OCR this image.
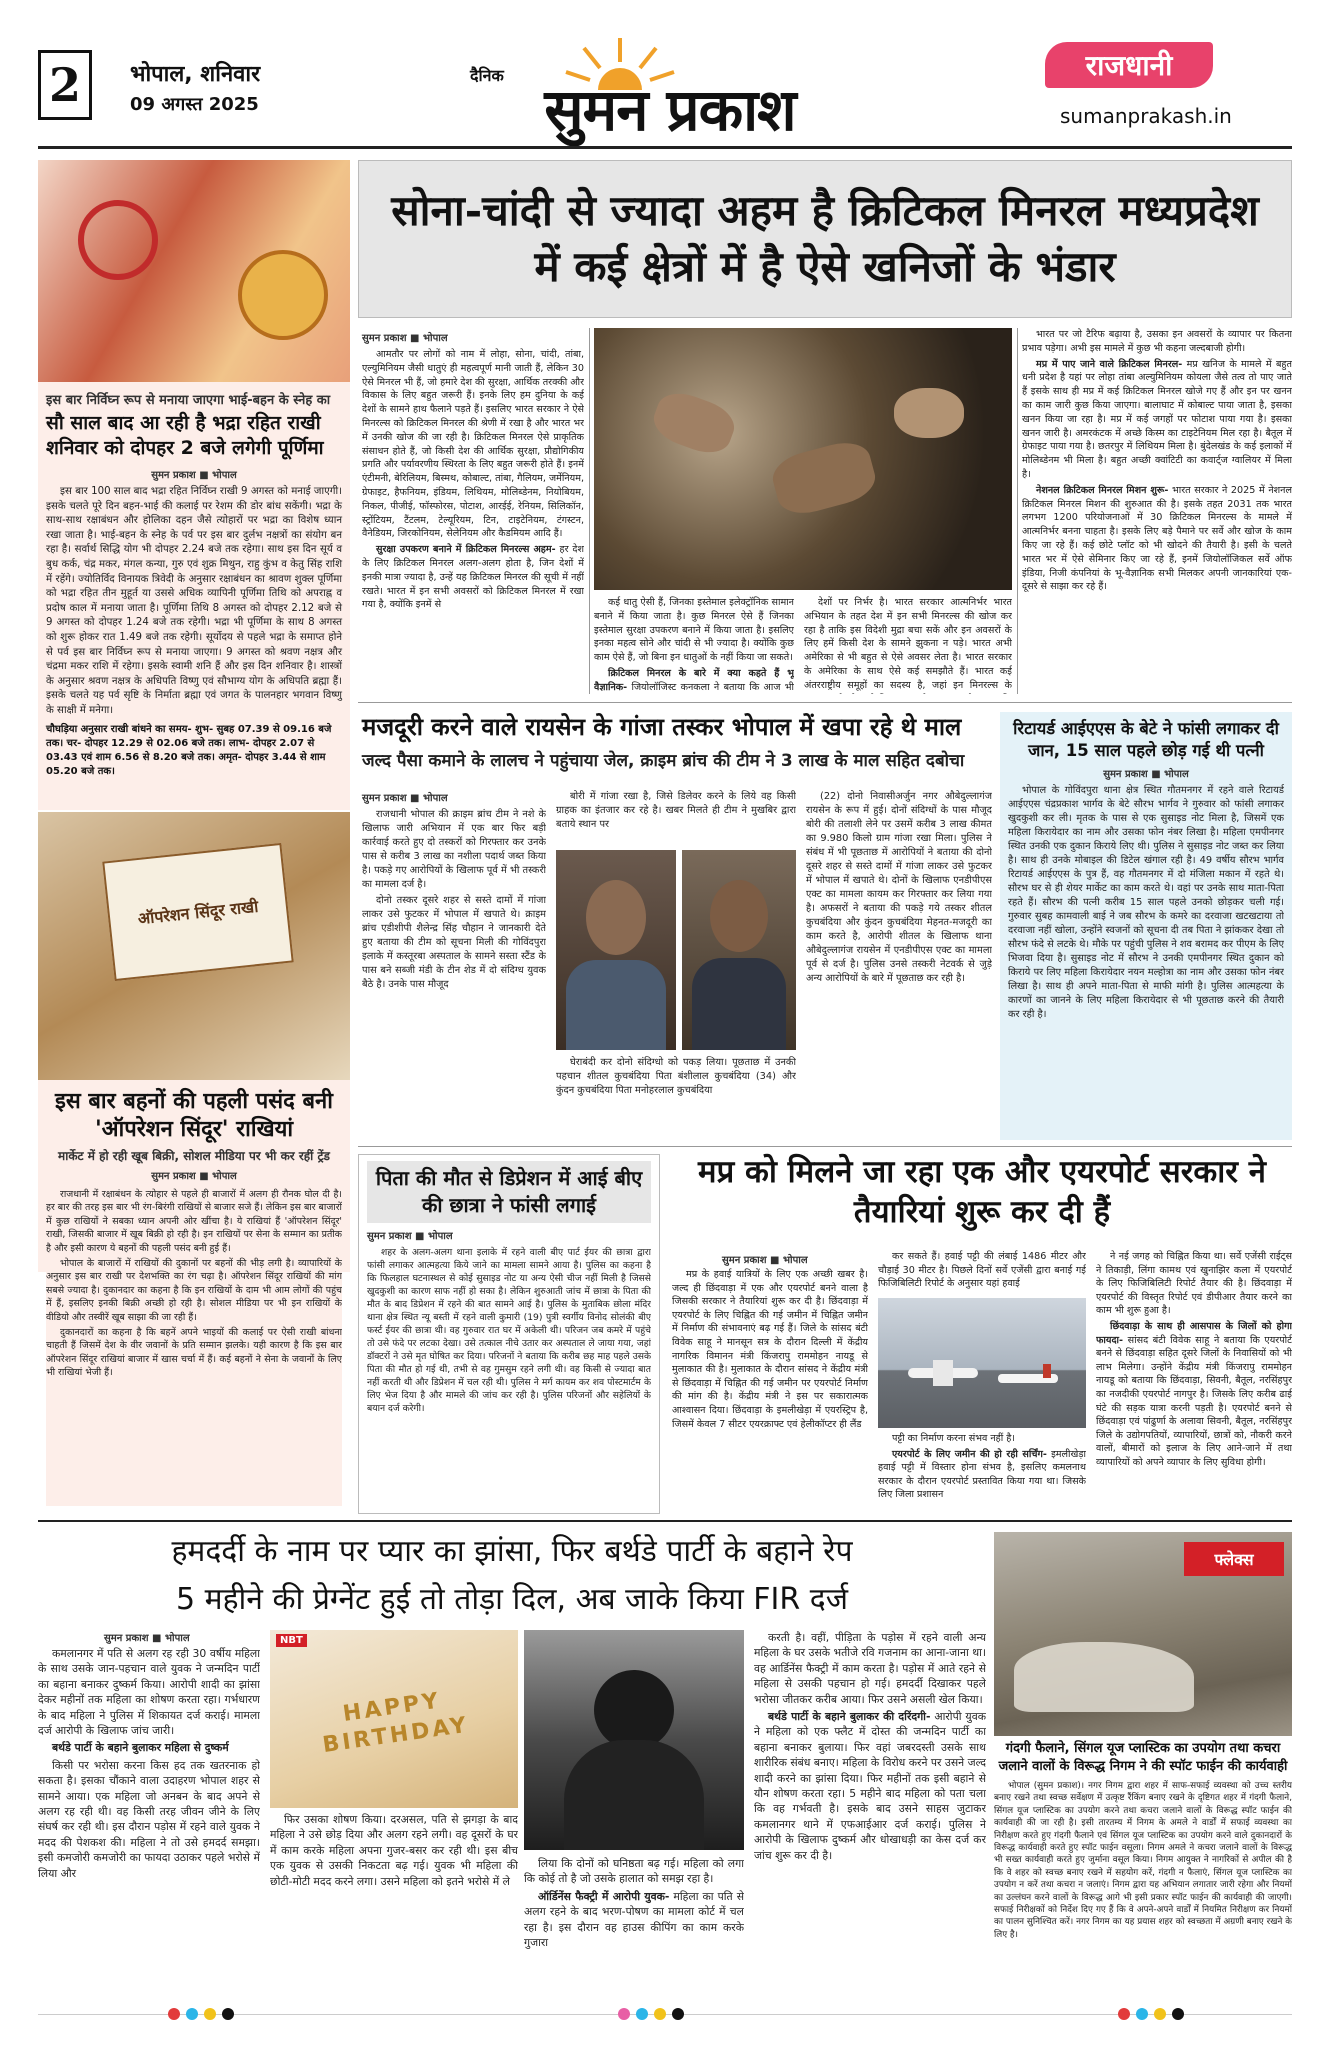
2	भोपाल, शनिवार
09 अगस्त 2025
दैनिक
सुमन प्रकाश
राजधानी
sumanprakash.in
इस बार निर्विघ्न रूप से मनाया जाएगा भाई-बहन के स्नेह का
सौ साल बाद आ रही है भद्रा रहित राखी शनिवार को दोपहर 2 बजे लगेगी पूर्णिमा
सुमन प्रकाश ■ भोपाल

इस बार 100 साल बाद भद्रा रहित निर्विघ्न राखी 9 अगस्त को मनाई जाएगी। इसके चलते पूरे दिन बहन-भाई की कलाई पर रेशम की डोर बांध सकेंगी। भद्रा के साथ-साथ रक्षाबंधन और होलिका दहन जैसे त्योहारों पर भद्रा का विशेष ध्यान रखा जाता है। भाई-बहन के स्नेह के पर्व पर इस बार दुर्लभ नक्षत्रों का संयोग बन रहा है। सर्वार्थ सिद्धि योग भी दोपहर 2.24 बजे तक रहेगा। साथ इस दिन सूर्य व बुध कर्क, चंद्र मकर, मंगल कन्या, गुरु एवं शुक्र मिथुन, राहु कुंभ व केतु सिंह राशि में रहेंगे। ज्योतिर्विद विनायक त्रिवेदी के अनुसार रक्षाबंधन का श्रावण शुक्ल पूर्णिमा को भद्रा रहित तीन मुहूर्त या उससे अधिक व्यापिनी पूर्णिमा तिथि को अपराह्न व प्रदोष काल में मनाया जाता है। पूर्णिमा तिथि 8 अगस्त को दोपहर 2.12 बजे से 9 अगस्त को दोपहर 1.24 बजे तक रहेगी। भद्रा भी पूर्णिमा के साथ 8 अगस्त को शुरू होकर रात 1.49 बजे तक रहेगी। सूर्योदय से पहले भद्रा के समाप्त होने से पर्व इस बार निर्विघ्न रूप से मनाया जाएगा। 9 अगस्त को श्रवण नक्षत्र और चंद्रमा मकर राशि में रहेगा। इसके स्वामी शनि हैं और इस दिन शनिवार है। शास्त्रों के अनुसार श्रवण नक्षत्र के अधिपति विष्णु एवं सौभाग्य योग के अधिपति ब्रह्मा हैं। इसके चलते यह पर्व सृष्टि के निर्माता ब्रह्मा एवं जगत के पालनहार भगवान विष्णु के साक्षी में मनेगा।

चौघड़िया अनुसार राखी बांधने का समय- शुभ- सुबह 07.39 से 09.16 बजे तक। चर- दोपहर 12.29 से 02.06 बजे तक। लाभ- दोपहर 2.07 से 03.43 एवं शाम 6.56 से 8.20 बजे तक। अमृत- दोपहर 3.44 से शाम 05.20 बजे तक।
ऑपरेशन सिंदूर राखी
इस बार बहनों की पहली पसंद बनी 'ऑपरेशन सिंदूर' राखियां
मार्केट में हो रही खूब बिक्री, सोशल मीडिया पर भी कर रहीं ट्रेंड
सुमन प्रकाश ■ भोपाल

राजधानी में रक्षाबंधन के त्योहार से पहले ही बाजारों में अलग ही रौनक घोल दी है। हर बार की तरह इस बार भी रंग-बिरंगी राखियों से बाजार सजे हैं। लेकिन इस बार बाजारों में कुछ राखियों ने सबका ध्यान अपनी ओर खींचा है। ये राखियां हैं 'ऑपरेशन सिंदूर' राखी, जिसकी बाजार में खूब बिक्री हो रही है। इन राखियों पर सेना के सम्मान का प्रतीक है और इसी कारण ये बहनों की पहली पसंद बनी हुई हैं।

भोपाल के बाजारों में राखियों की दुकानों पर बहनों की भीड़ लगी है। व्यापारियों के अनुसार इस बार राखी पर देशभक्ति का रंग चढ़ा है। ऑपरेशन सिंदूर राखियों की मांग सबसे ज्यादा है। दुकानदार का कहना है कि इन राखियों के दाम भी आम लोगों की पहुंच में हैं, इसलिए इनकी बिक्री अच्छी हो रही है। सोशल मीडिया पर भी इन राखियों के वीडियो और तस्वीरें खूब साझा की जा रही हैं।

दुकानदारों का कहना है कि बहनें अपने भाइयों की कलाई पर ऐसी राखी बांधना चाहती हैं जिसमें देश के वीर जवानों के प्रति सम्मान झलके। यही कारण है कि इस बार ऑपरेशन सिंदूर राखियां बाजार में खास चर्चा में हैं। कई बहनों ने सेना के जवानों के लिए भी राखियां भेजी हैं।

सोना-चांदी से ज्यादा अहम है क्रिटिकल मिनरल मध्यप्रदेश में कई क्षेत्रों में है ऐसे खनिजों के भंडार
सुमन प्रकाश ■ भोपाल

आमतौर पर लोगों को नाम में लोहा, सोना, चांदी, तांबा, एल्युमिनियम जैसी धातुएं ही महत्वपूर्ण मानी जाती हैं, लेकिन 30 ऐसे मिनरल भी हैं, जो हमारे देश की सुरक्षा, आर्थिक तरक्की और विकास के लिए बहुत जरूरी हैं। इनके लिए हम दुनिया के कई देशों के सामने हाथ फैलाने पड़ते हैं। इसलिए भारत सरकार ने ऐसे मिनरल्स को क्रिटिकल मिनरल की श्रेणी में रखा है और भारत भर में उनकी खोज की जा रही है। क्रिटिकल मिनरल ऐसे प्राकृतिक संसाधन होते हैं, जो किसी देश की आर्थिक सुरक्षा, प्रौद्योगिकीय प्रगति और पर्यावरणीय स्थिरता के लिए बहुत जरूरी होते हैं। इनमें एंटीमनी, बेरिलियम, बिस्मथ, कोबाल्ट, तांबा, गैलियम, जर्मेनियम, ग्रेफाइट, हैफनियम, इंडियम, लिथियम, मोलिब्डेनम, नियोबियम, निकल, पीजीई, फॉस्फोरस, पोटाश, आरईई, रेनियम, सिलिकॉन, स्ट्रोंटियम, टैंटलम, टेल्यूरियम, टिन, टाइटेनियम, टंगस्टन, वैनेडियम, जिरकोनियम, सेलेनियम और कैडमियम आदि हैं।

सुरक्षा उपकरण बनाने में क्रिटिकल मिनरल्स अहम- हर देश के लिए क्रिटिकल मिनरल अलग-अलग होता है, जिन देशों में इनकी मात्रा ज्यादा है, उन्हें यह क्रिटिकल मिनरल की सूची में नहीं रखते। भारत में इन सभी अवसरों को क्रिटिकल मिनरल में रखा गया है, क्योंकि इनमें से	कई धातु ऐसी हैं, जिनका इस्तेमाल इलेक्ट्रॉनिक सामान बनाने में किया जाता है। कुछ मिनरल ऐसे हैं जिनका इस्तेमाल सुरक्षा उपकरण बनाने में किया जाता है। इसलिए इनका महत्व सोने और चांदी से भी ज्यादा है। क्योंकि कुछ काम ऐसे हैं, जो बिना इन धातुओं के नहीं किया जा सकते।

क्रिटिकल मिनरल के बारे में क्या कहते हैं भू वैज्ञानिक- जियोलॉजिस्ट कनकला ने बताया कि आज भी

देशों पर निर्भर है। भारत सरकार आत्मनिर्भर भारत अभियान के तहत देश में इन सभी मिनरल्स की खोज कर रहा है ताकि इस विदेशी मुद्रा बचा सकें और इन अवसरों के लिए हमें किसी देश के सामने झुकना न पड़े। भारत अभी अमेरिका से भी बहुत से ऐसे अवसर लेता है। भारत सरकार के अमेरिका के साथ ऐसे कई समझौते हैं। भारत कई अंतरराष्ट्रीय समूहों का सदस्य है, जहां इन मिनरल्स के

भारत पर जो टैरिफ बढ़ाया है, उसका इन अवसरों के व्यापार पर कितना प्रभाव पड़ेगा। अभी इस मामले में कुछ भी कहना जल्दबाजी होगी।

मप्र में पाए जाने वाले क्रिटिकल मिनरल- मप्र खनिज के मामले में बहुत धनी प्रदेश है यहां पर लोहा तांबा अल्युमिनियम कोयला जैसे तत्व तो पाए जाते हैं इसके साथ ही मप्र में कई क्रिटिकल मिनरल खोजे गए हैं और इन पर खनन का काम जारी कुछ किया जाएगा। बालाघाट में कोबाल्ट पाया जाता है, इसका खनन किया जा रहा है। मप्र में कई जगहों पर फोटाश पाया गया है। इसका खनन जारी है। अमरकंटक में अच्छे किस्म का टाइटेनियम मिल रहा है। बैतूल में ग्रेफाइट पाया गया है। छतरपुर में लिथियम मिला है। बुंदेलखंड के कई इलाकों में मोलिब्डेनम भी मिला है। बहुत अच्छी क्वांटिटी का कवार्ट्ज ग्वालियर में मिला है।

नेशनल क्रिटिकल मिनरल मिशन शुरू- भारत सरकार ने 2025 में नेशनल क्रिटिकल मिनरल मिशन की शुरुआत की है। इसके तहत 2031 तक भारत लगभग 1200 परियोजनाओं में 30 क्रिटिकल मिनरल्स के मामले में आत्मनिर्भर बनना चाहता है। इसके लिए बड़े पैमाने पर सर्वे और खोज के काम किए जा रहे हैं। कई छोटे प्लॉट को भी खोदने की तैयारी है। इसी के चलते भारत भर में ऐसे सेमिनार किए जा रहे हैं, इनमें जियोलॉजिकल सर्वे ऑफ इंडिया, निजी कंपनियां के भू-वैज्ञानिक सभी मिलकर अपनी जानकारियां एक-दूसरे से साझा कर रहे हैं।

मजदूरी करने वाले रायसेन के गांजा तस्कर भोपाल में खपा रहे थे माल
जल्द पैसा कमाने के लालच ने पहुंचाया जेल, क्राइम ब्रांच की टीम ने 3 लाख के माल सहित दबोचा
सुमन प्रकाश ■ भोपाल

राजधानी भोपाल की क्राइम ब्रांच टीम ने नशे के खिलाफ जारी अभियान में एक बार फिर बड़ी कार्रवाई करते हुए दो तस्करों को गिरफ्तार कर उनके पास से करीब 3 लाख का नशीला पदार्थ जब्त किया है। पकड़े गए आरोपियों के खिलाफ पूर्व में भी तस्करी का मामला दर्ज है।

दोनो तस्कर दूसरे शहर से सस्ते दामों में गांजा लाकर उसे फुटकर में भोपाल में खपाते थे। क्राइम ब्रांच एडीशीपी शैलेन्द्र सिंह चौहान ने जानकारी देते हुए बताया की टीम को सूचना मिली की गोविंदपुरा इलाके में कस्तूरबा अस्पताल के सामने सस्ता स्टैंड के पास बने सब्जी मंडी के टीन शेड में दो संदिग्ध युवक बैठे है। उनके पास मौजूद

बोरी में गांजा रखा है, जिसे डिलेवर करने के लिये वह किसी ग्राहक का इंतजार कर रहे है। खबर मिलते ही टीम ने मुखबिर द्वारा बताये स्थान पर

घेराबंदी कर दोनो संदिग्धो को पकड़ लिया। पूछताछ में उनकी पहचान शीतल कुचबंदिया पिता बंशीलाल कुचबंदिया (34) और कुंदन कुचबंदिया पिता मनोहरलाल कुचबंदिया

(22) दोनो निवासीअर्जुन नगर औबेदुल्लागंज रायसेन के रूप में हुई। दोनों संदिग्धों के पास मौजूद बोरी की तलाशी लेने पर उसमें करीब 3 लाख कीमत का 9.980 किलो ग्राम गांजा रखा मिला। पुलिस ने संबंध में भी पूछताछ में आरोपियों ने बताया की दोनो दूसरे शहर से सस्ते दामों में गांजा लाकर उसे फुटकर में भोपाल में खपाते थे। दोनों के खिलाफ एनडीपीएस एक्ट का मामला कायम कर गिरफ्तार कर लिया गया है। अफसरों ने बताया की पकड़े गये तस्कर शीतल कुचबंदिया और कुंदन कुचबंदिया मेहनत-मजदूरी का काम करते है, आरोपी शीतल के खिलाफ थाना औबेदुल्लागंज रायसेन में एनडीपीएस एक्ट का मामला पूर्व से दर्ज है। पुलिस उनसे तस्करी नेटवर्क से जुड़े अन्य आरोपियों के बारे में पूछताछ कर रही है।

रिटायर्ड आईएएस के बेटे ने फांसी लगाकर दी जान, 15 साल पहले छोड़ गई थी पत्नी
सुमन प्रकाश ■ भोपाल

भोपाल के गोविंदपुरा थाना क्षेत्र स्थित गौतमनगर में रहने वाले रिटायर्ड आईएएस चंद्रप्रकाश भार्गव के बेटे सौरभ भार्गव ने गुरुवार को फांसी लगाकर खुदकुशी कर ली। मृतक के पास से एक सुसाइड नोट मिला है, जिसमें एक महिला किरायेदार का नाम और उसका फोन नंबर लिखा है। महिला एमपीनगर स्थित उनकी एक दुकान किराये लिए थी। पुलिस ने सुसाइड नोट जब्त कर लिया है। साथ ही उनके मोबाइल की डिटेल खंगाल रही है। 49 वर्षीय सौरभ भार्गव रिटायर्ड आईएएस के पुत्र हैं, वह गौतमनगर में दो मंजिला मकान में रहते थे। सौरभ घर से ही शेयर मार्केट का काम करते थे। वहां पर उनके साथ माता-पिता रहते हैं। सौरभ की पत्नी करीब 15 साल पहले उनको छोड़कर चली गई। गुरुवार सुबह कामवाली बाई ने जब सौरभ के कमरे का दरवाजा खटखटाया तो दरवाजा नहीं खोला, उन्होंने स्वजनों को सूचना दी तब पिता ने झांककर देखा तो सौरभ फंदे से लटके थे। मौके पर पहुंची पुलिस ने शव बरामद कर पीएम के लिए भिजवा दिया है। सुसाइड नोट में सौरभ ने उनकी एमपीनगर स्थित दुकान को किराये पर लिए महिला किरायेदार नयन मल्होत्रा का नाम और उसका फोन नंबर लिखा है। साथ ही अपने माता-पिता से माफी मांगी है। पुलिस आत्महत्या के कारणों का जानने के लिए महिला किरायेदार से भी पूछताछ करने की तैयारी कर रही है।

पिता की मौत से डिप्रेशन में आई बीए की छात्रा ने फांसी लगाई
सुमन प्रकाश ■ भोपाल

शहर के अलग-अलग थाना इलाके में रहने वाली बीए पार्ट ईयर की छात्रा द्वारा फांसी लगाकर आत्महत्या किये जाने का मामला सामने आया है। पुलिस का कहना है कि फिलहाल घटनास्थल से कोई सुसाइड नोट या अन्य ऐसी चीज नहीं मिली है जिससे खुदकुशी का कारण साफ नहीं हो सका है। लेकिन शुरुआती जांच में छात्रा के पिता की मौत के बाद डिप्रेशन में रहने की बात सामने आई है। पुलिस के मुताबिक छोला मंदिर थाना क्षेत्र स्थित न्यू बस्ती में रहने वाली कुमारी (19) पुत्री स्वर्गीय विनोद सोलंकी बीए फर्स्ट ईयर की छात्रा थी। वह गुरुवार रात घर में अकेली थी। परिजन जब कमरे में पहुंचे तो उसे फंदे पर लटका देखा। उसे तत्काल नीचे उतार कर अस्पताल ले जाया गया, जहां डॉक्टरों ने उसे मृत घोषित कर दिया। परिजनों ने बताया कि करीब छह माह पहले उसके पिता की मौत हो गई थी, तभी से वह गुमसुम रहने लगी थी। वह किसी से ज्यादा बात नहीं करती थी और डिप्रेशन में चल रही थी। पुलिस ने मर्ग कायम कर शव पोस्टमार्टम के लिए भेज दिया है और मामले की जांच कर रही है। पुलिस परिजनों और सहेलियों के बयान दर्ज करेगी।

मप्र को मिलने जा रहा एक और एयरपोर्ट सरकार ने तैयारियां शुरू कर दी हैं
सुमन प्रकाश ■ भोपाल

मप्र के हवाई यात्रियों के लिए एक अच्छी खबर है। जल्द ही छिंदवाड़ा में एक और एयरपोर्ट बनने वाला है जिसकी सरकार ने तैयारियां शुरू कर दी है। छिंदवाड़ा में एयरपोर्ट के लिए चिह्नित की गई जमीन में चिह्नित जमीन में निर्माण की संभावनाएं बढ़ गई हैं। जिले के सांसद बंटी विवेक साहू ने मानसून सत्र के दौरान दिल्ली में केंद्रीय नागरिक विमानन मंत्री किंजरापु राममोहन नायडू से मुलाकात की है। मुलाकात के दौरान सांसद ने केंद्रीय मंत्री से छिंदवाड़ा में चिह्नित की गई जमीन पर एयरपोर्ट निर्माण की मांग की है। केंद्रीय मंत्री ने इस पर सकारात्मक आश्वासन दिया। छिंदवाड़ा के इमलीखेड़ा में एयरस्ट्रिप है, जिसमें केवल 7 सीटर एयरक्राफ्ट एवं हेलीकॉप्टर ही लैंड

कर सकते हैं। हवाई पट्टी की लंबाई 1486 मीटर और चौड़ाई 30 मीटर है। पिछले दिनों सर्वे एजेंसी द्वारा बनाई गई फिजिबिलिटी रिपोर्ट के अनुसार यहां हवाई

पट्टी का निर्माण करना संभव नहीं है।

एयरपोर्ट के लिए जमीन की हो रही सर्चिंग- इमलीखेड़ा हवाई पट्टी में विस्तार होना संभव है, इसलिए कमलनाथ सरकार के दौरान एयरपोर्ट प्रस्तावित किया गया था। जिसके लिए जिला प्रशासन

ने नई जगह को चिह्नित किया था। सर्वे एजेंसी राईट्स ने तिकाड़ी, लिंगा कामथ एवं खुनाझिर कला में एयरपोर्ट के लिए फिजिबिलिटी रिपोर्ट तैयार की है। छिंदवाड़ा में एयरपोर्ट की विस्तृत रिपोर्ट एवं डीपीआर तैयार करने का काम भी शुरू हुआ है।

छिंदवाड़ा के साथ ही आसपास के जिलों को होगा फायदा- सांसद बंटी विवेक साहू ने बताया कि एयरपोर्ट बनने से छिंदवाड़ा सहित दूसरे जिलों के निवासियों को भी लाभ मिलेगा। उन्होंने केंद्रीय मंत्री किंजरापु राममोहन नायडू को बताया कि छिंदवाड़ा, सिवनी, बैतूल, नरसिंहपुर का नजदीकी एयरपोर्ट नागपुर है। जिसके लिए करीब ढाई घंटे की सड़क यात्रा करनी पड़ती है। एयरपोर्ट बनने से छिंदवाड़ा एवं पांढुर्णा के अलावा सिवनी, बैतूल, नरसिंहपुर जिले के उद्योगपतियों, व्यापारियों, छात्रों को, नौकरी करने वालों, बीमारों को इलाज के लिए आने-जाने में तथा व्यापारियों को अपने व्यापार के लिए सुविधा होगी।

हमदर्दी के नाम पर प्यार का झांसा, फिर बर्थडे पार्टी के बहाने रेप
5 महीने की प्रेग्नेंट हुई तो तोड़ा दिल, अब जाके किया FIR दर्ज
सुमन प्रकाश ■ भोपाल

कमलानगर में पति से अलग रह रही 30 वर्षीय महिला के साथ उसके जान-पहचान वाले युवक ने जन्मदिन पार्टी का बहाना बनाकर दुष्कर्म किया। आरोपी शादी का झांसा देकर महीनों तक महिला का शोषण करता रहा। गर्भधारण के बाद महिला ने पुलिस में शिकायत दर्ज कराई। मामला दर्ज आरोपी के खिलाफ जांच जारी।

बर्थडे पार्टी के बहाने बुलाकर महिला से दुष्कर्म

किसी पर भरोसा करना किस हद तक खतरनाक हो सकता है। इसका चौंकाने वाला उदाहरण भोपाल शहर से सामने आया। एक महिला जो अनबन के बाद अपने से अलग रह रही थी। वह किसी तरह जीवन जीने के लिए संघर्ष कर रही थी। इस दौरान पड़ोस में रहने वाले युवक ने मदद की पेशकश की। महिला ने तो उसे हमदर्द समझा। इसी कमजोरी कमजोरी का फायदा उठाकर पहले भरोसे में लिया और

NBT
HAPPY BIRTHDAY

फिर उसका शोषण किया। दरअसल, पति से झगड़ा के बाद महिला ने उसे छोड़ दिया और अलग रहने लगी। वह दूसरों के घर में काम करके महिला अपना गुजर-बसर कर रही थी। इस बीच एक युवक से उसकी निकटता बढ़ गई। युवक भी महिला की छोटी-मोटी मदद करने लगा। उसने महिला को इतने भरोसे में ले

लिया कि दोनों को घनिष्ठता बढ़ गई। महिला को लगा कि कोई तो है जो उसके हालात को समझ रहा है।

ऑर्डिनेंस फैक्ट्री में आरोपी युवक- महिला का पति से अलग रहने के बाद भरण-पोषण का मामला कोर्ट में चल रहा है। इस दौरान वह हाउस कीपिंग का काम करके गुजारा

करती है। वहीं, पीड़िता के पड़ोस में रहने वाली अन्य महिला के घर उसके भतीजे रवि गजनाम का आना-जाना था। वह आर्डिनेंस फैक्ट्री में काम करता है। पड़ोस में आते रहने से महिला से उसकी पहचान हो गई। हमदर्दी दिखाकर पहले भरोसा जीतकर करीब आया। फिर उसने असली खेल किया।

बर्थडे पार्टी के बहाने बुलाकर की दरिंदगी- आरोपी युवक ने महिला को एक फ्लैट में दोस्त की जन्मदिन पार्टी का बहाना बनाकर बुलाया। फिर वहां जबरदस्ती उसके साथ शारीरिक संबंध बनाए। महिला के विरोध करने पर उसने जल्द शादी करने का झांसा दिया। फिर महीनों तक इसी बहाने से यौन शोषण करता रहा। 5 महीने बाद महिला को पता चला कि वह गर्भवती है। इसके बाद उसने साहस जुटाकर कमलानगर थाने में एफआईआर दर्ज कराई। पुलिस ने आरोपी के खिलाफ दुष्कर्म और धोखाधड़ी का केस दर्ज कर जांच शुरू कर दी है।

फ्लेक्स
गंदगी फैलाने, सिंगल यूज प्लास्टिक का उपयोग तथा कचरा जलाने वालों के विरूद्ध निगम ने की स्पॉट फाईन की कार्यवाही

भोपाल (सुमन प्रकाश)। नगर निगम द्वारा शहर में साफ-सफाई व्यवस्था को उच्च स्तरीय बनाए रखने तथा स्वच्छ सर्वेक्षण में उत्कृष्ट रैंकिंग बनाए रखने के दृष्टिगत शहर में गंदगी फैलाने, सिंगल यूज प्लास्टिक का उपयोग करने तथा कचरा जलाने वालों के विरूद्ध स्पॉट फाईन की कार्यवाही की जा रही है। इसी तारतम्य में निगम के अमले ने वार्डों में सफाई व्यवस्था का निरीक्षण करते हुए गंदगी फैलाने एवं सिंगल यूज प्लास्टिक का उपयोग करने वाले दुकानदारों के विरूद्ध कार्यवाही करते हुए स्पॉट फाईन वसूला। निगम अमले ने कचरा जलाने वालों के विरूद्ध भी सख्त कार्यवाही करते हुए जुर्माना वसूल किया। निगम आयुक्त ने नागरिकों से अपील की है कि वे शहर को स्वच्छ बनाए रखने में सहयोग करें, गंदगी न फैलाएं, सिंगल यूज प्लास्टिक का उपयोग न करें तथा कचरा न जलाएं। निगम द्वारा यह अभियान लगातार जारी रहेगा और नियमों का उल्लंघन करने वालों के विरूद्ध आगे भी इसी प्रकार स्पॉट फाईन की कार्यवाही की जाएगी। सफाई निरीक्षकों को निर्देश दिए गए हैं कि वे अपने-अपने वार्डों में नियमित निरीक्षण कर नियमों का पालन सुनिश्चित करें। नगर निगम का यह प्रयास शहर को स्वच्छता में अग्रणी बनाए रखने के लिए है।
